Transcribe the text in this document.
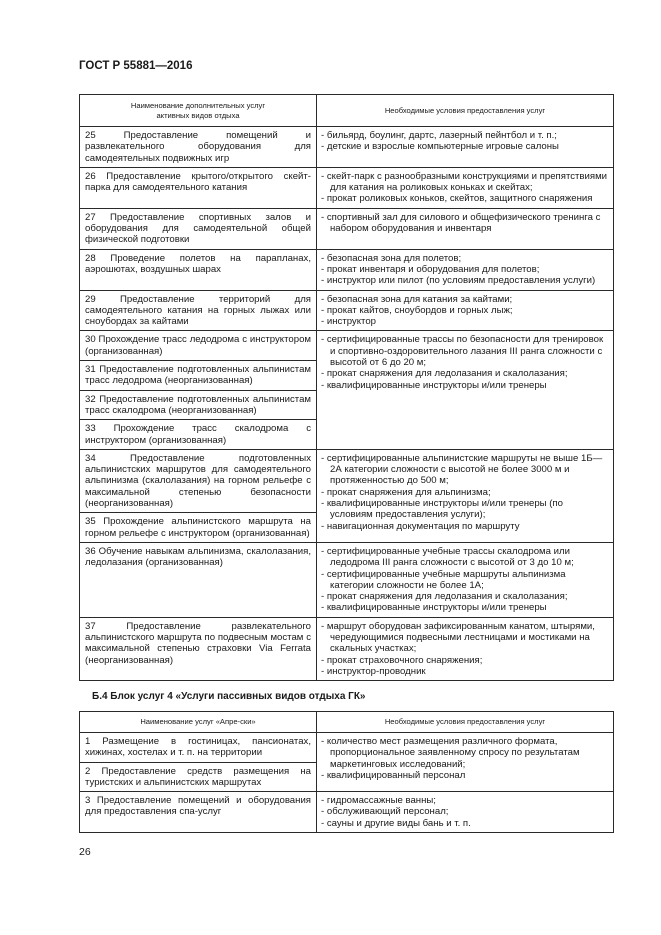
ГОСТ Р 55881—2016
Наименование дополнительных услуг
активных видов отдыха	Необходимые условия предоставления услуг
25 Предоставление помещений и развлекательного оборудования для самодеятельных подвижных игр	- бильярд, боулинг, дартс, лазерный пейнтбол и т. п.;
- детские и взрослые компьютерные игровые салоны

26 Предоставление крытого/открытого скейт-парка для самодеятельного катания	- скейт-парк с разнообразными конструкциями и препятствиями для катания на роликовых коньках и скейтах;
- прокат роликовых коньков, скейтов, защитного снаряжения

27 Предоставление спортивных залов и оборудования для самодеятельной общей физической подготовки	- спортивный зал для силового и общефизического тренинга с набором оборудования и инвентаря

28 Проведение полетов на парапланах, аэрошютах, воздушных шарах	- безопасная зона для полетов;
- прокат инвентаря и оборудования для полетов;
- инструктор или пилот (по условиям предоставления услуги)

29 Предоставление территорий для самодеятельного катания на горных лыжах или сноубордах за кайтами	- безопасная зона для катания за кайтами;
- прокат кайтов, сноубордов и горных лыж;
- инструктор

30 Прохождение трасс ледодрома с инструктором (организованная)	- сертифицированные трассы по безопасности для тренировок и спортивно-оздоровительного лазания III ранга сложности с высотой от 6 до 20 м;
- прокат снаряжения для ледолазания и скалолазания;
- квалифицированные инструкторы и/или тренеры

31 Предоставление подготовленных альпинистам трасс ледодрома (неорганизованная)	
32 Предоставление подготовленных альпинистам трасс скалодрома (неорганизованная)	
33 Прохождение трасс скалодрома с инструктором (организованная)	
34 Предоставление подготовленных альпинистских маршрутов для самодеятельного альпинизма (скалолазания) на горном рельефе с максимальной степенью безопасности (неорганизованная)	- сертифицированные альпинистские маршруты не выше 1Б—2А категории сложности с высотой не более 3000 м и протяженностью до 500 м;
- прокат снаряжения для альпинизма;
- квалифицированные инструкторы и/или тренеры (по условиям предоставления услуги);
- навигационная документация по маршруту

35 Прохождение альпинистского маршрута на горном рельефе с инструктором (организованная)	
36 Обучение навыкам альпинизма, скалолазания, ледолазания (организованная)	- сертифицированные учебные трассы скалодрома или ледодрома III ранга сложности с высотой от 3 до 10 м;
- сертифицированные учебные маршруты альпинизма категории сложности не более 1А;
- прокат снаряжения для ледолазания и скалолазания;
- квалифицированные инструкторы и/или тренеры

37 Предоставление развлекательного альпинистского маршрута по подвесным мостам с максимальной степенью страховки Via Ferrata (неорганизованная)	- маршрут оборудован зафиксированным канатом, штырями, чередующимися подвесными лестницами и мостиками на скальных участках;
- прокат страховочного снаряжения;
- инструктор-проводник
Б.4 Блок услуг 4 «Услуги пассивных видов отдыха ГК»
Наименование услуг «Апре-ски»	Необходимые условия предоставления услуг
1 Размещение в гостиницах, пансионатах, хижинах, хостелах и т. п. на территории	- количество мест размещения различного формата, пропорциональное заявленному спросу по результатам маркетинговых исследований;
- квалифицированный персонал

2 Предоставление средств размещения на туристских и альпинистских маршрутах	
3 Предоставление помещений и оборудования для предоставления спа-услуг	- гидромассажные ванны;
- обслуживающий персонал;
- сауны и другие виды бань и т. п.
26
